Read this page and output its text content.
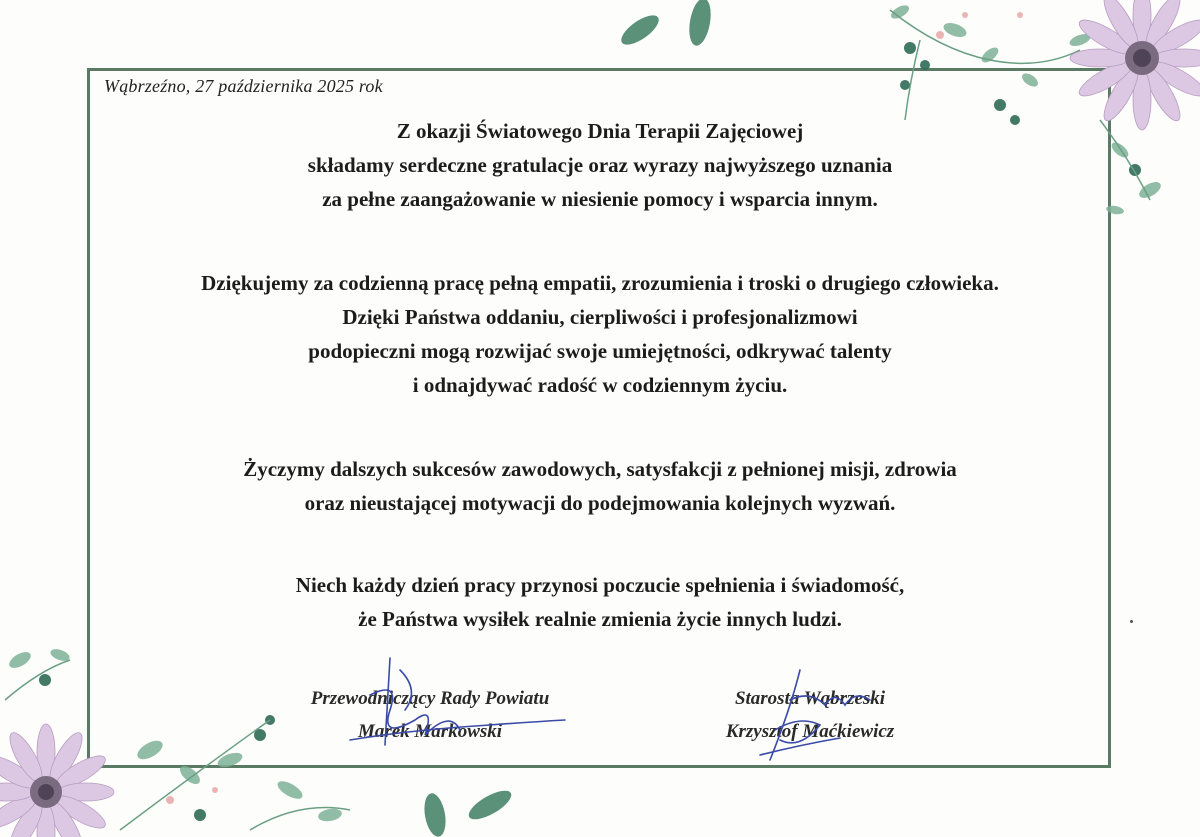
Wąbrzeźno, 27 października 2025 rok
Z okazji Światowego Dnia Terapii Zajęciowej
składamy serdeczne gratulacje oraz wyrazy najwyższego uznania
za pełne zaangażowanie w niesienie pomocy i wsparcia innym.
Dziękujemy za codzienną pracę pełną empatii, zrozumienia i troski o drugiego człowieka.
Dzięki Państwa oddaniu, cierpliwości i profesjonalizmowi
podopieczni mogą rozwijać swoje umiejętności, odkrywać talenty
i odnajdywać radość w codziennym życiu.
Życzymy dalszych sukcesów zawodowych, satysfakcji z pełnionej misji, zdrowia
oraz nieustającej motywacji do podejmowania kolejnych wyzwań.
Niech każdy dzień pracy przynosi poczucie spełnienia i świadomość,
że Państwa wysiłek realnie zmienia życie innych ludzi.
Przewodniczący Rady Powiatu
Marek Markowski
Starosta Wąbrzeski
Krzysztof Maćkiewicz
